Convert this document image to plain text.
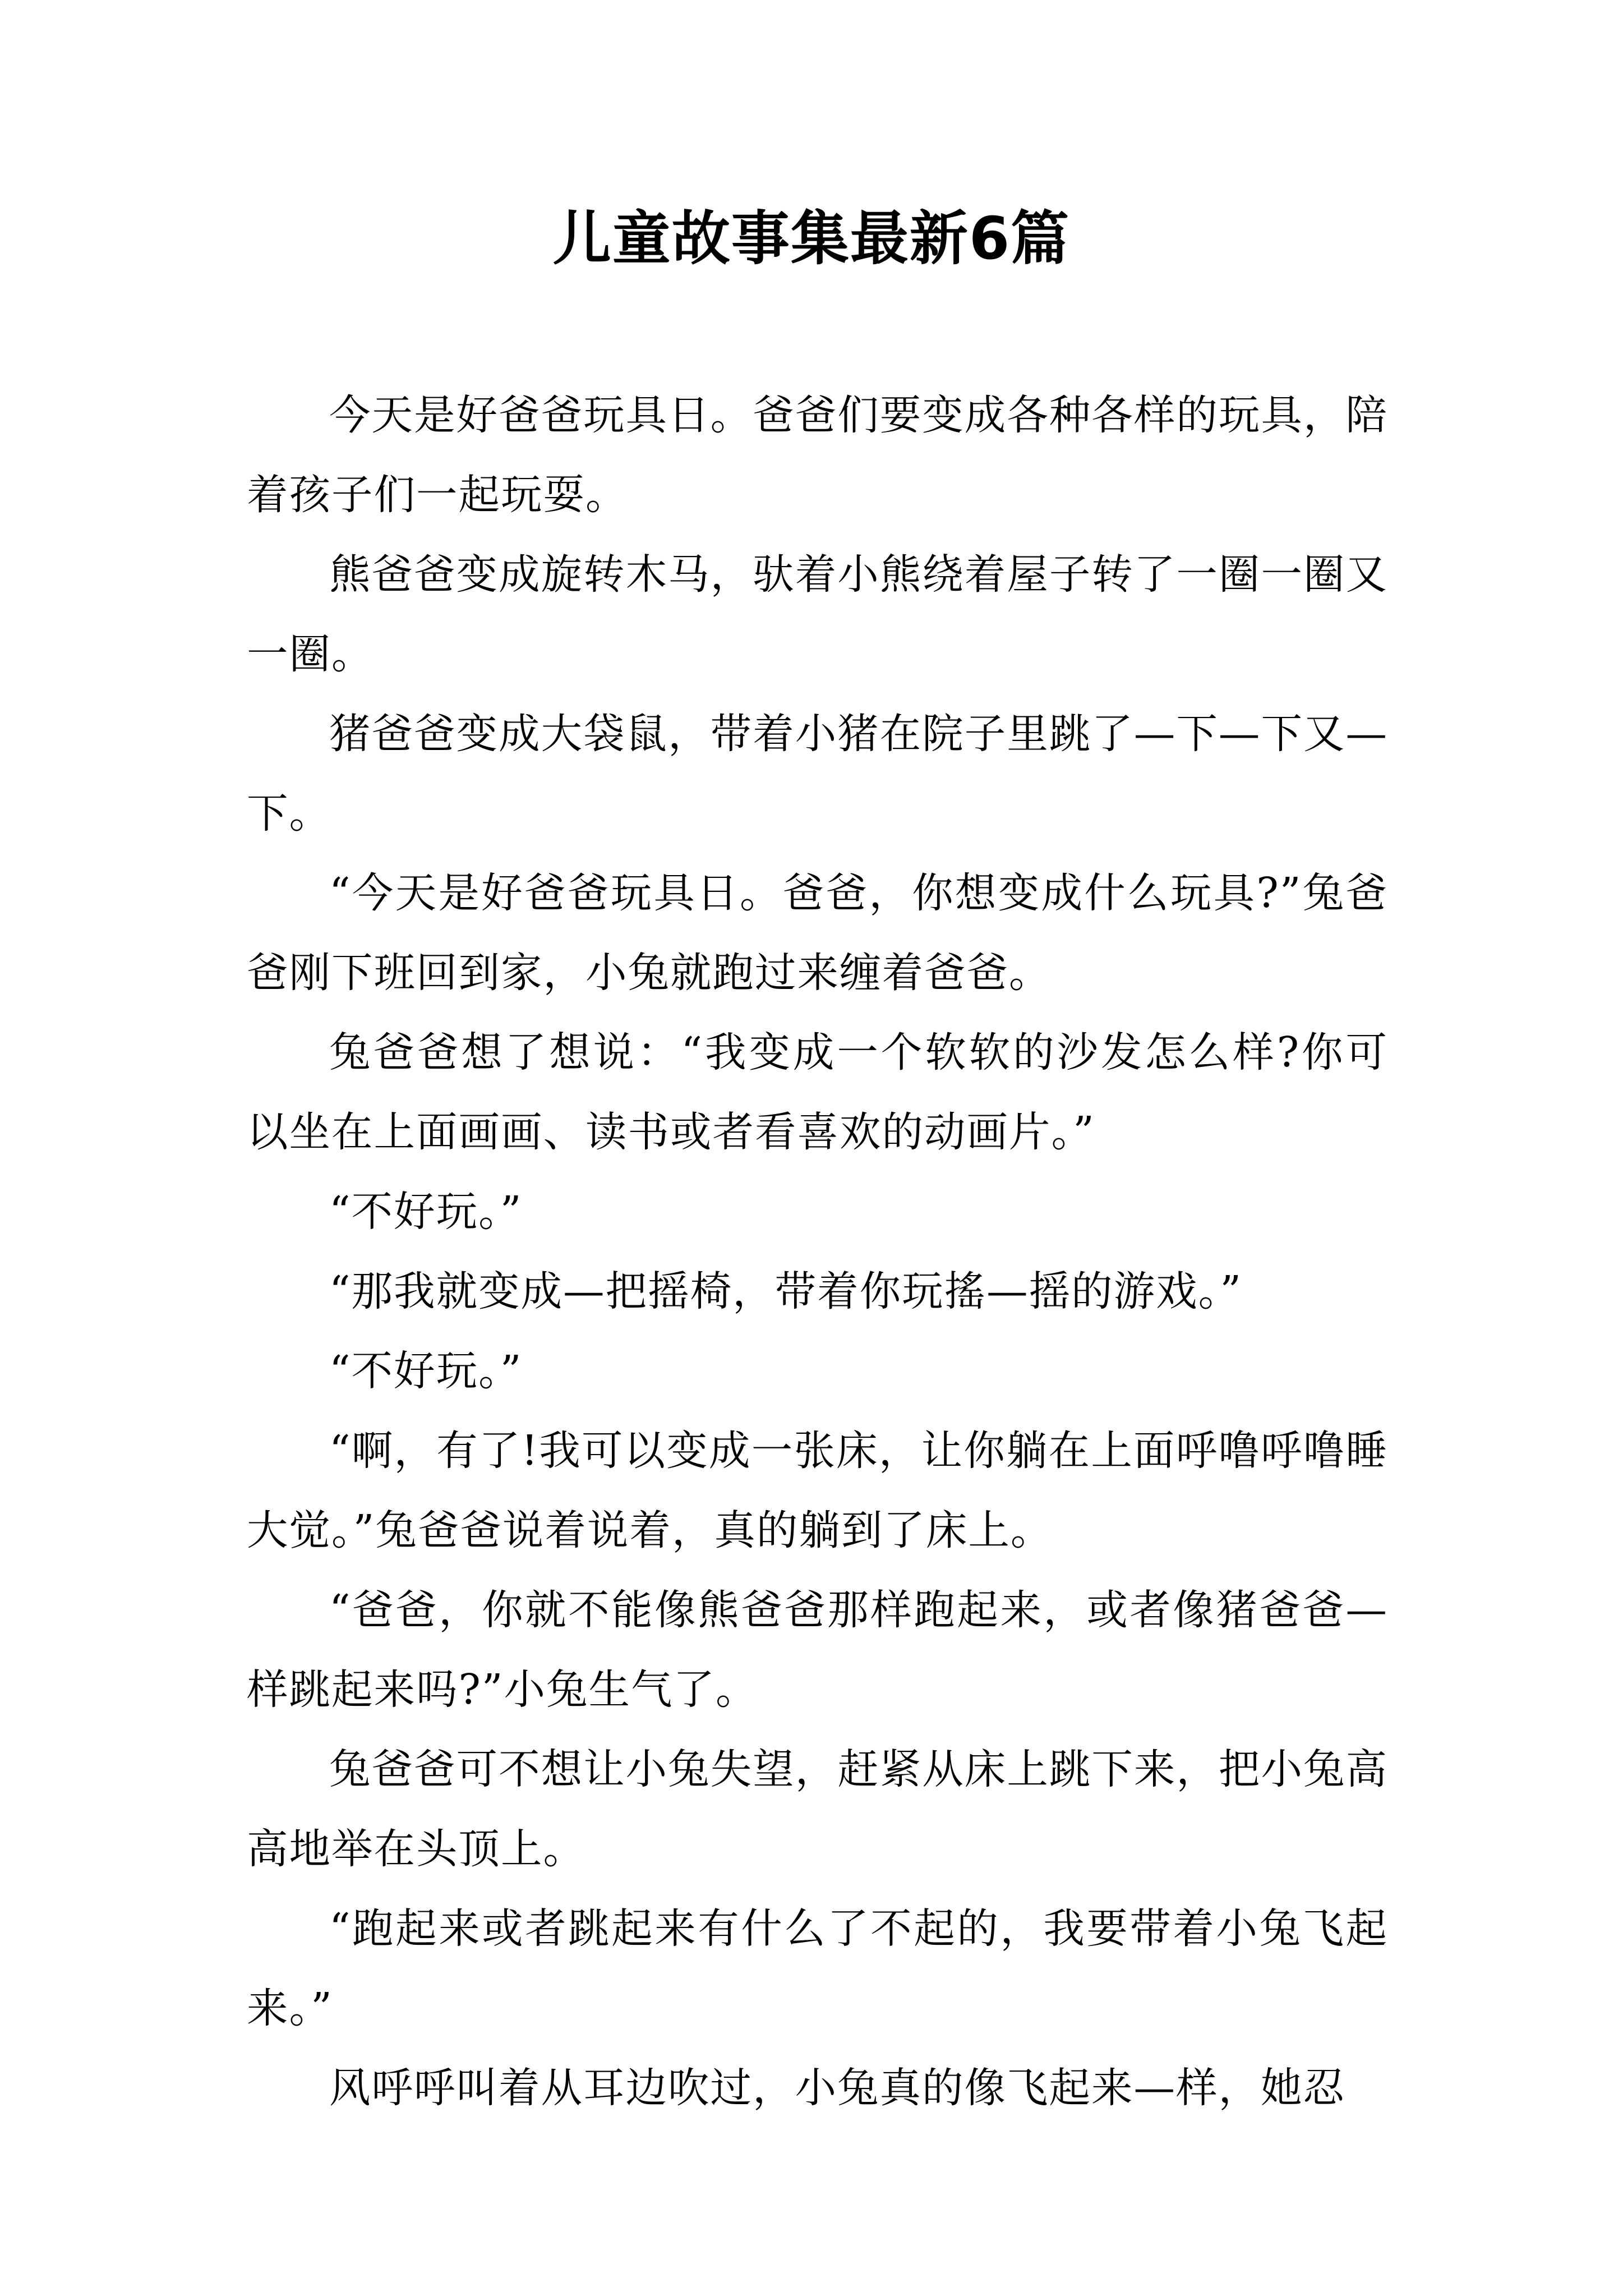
儿童故事集最新6篇

今天是好爸爸玩具日。爸爸们要变成各种各样的玩具，陪着孩子们一起玩耍。

熊爸爸变成旋转木马，驮着小熊绕着屋子转了一圈一圈又一圈。

猪爸爸变成大袋鼠，带着小猪在院子里跳了—下—下又—下。

“今天是好爸爸玩具日。爸爸，你想变成什么玩具?”兔爸爸刚下班回到家，小兔就跑过来缠着爸爸。

兔爸爸想了想说：“我变成一个软软的沙发怎么样?你可以坐在上面画画、读书或者看喜欢的动画片。”

“不好玩。”

“那我就变成—把摇椅，带着你玩搖—摇的游戏。”

“不好玩。”

“啊，有了!我可以变成一张床，让你躺在上面呼噜呼噜睡大觉。”兔爸爸说着说着，真的躺到了床上。

“爸爸，你就不能像熊爸爸那样跑起来，或者像猪爸爸—样跳起来吗?”小兔生气了。

兔爸爸可不想让小兔失望，赶紧从床上跳下来，把小兔高高地举在头顶上。

“跑起来或者跳起来有什么了不起的，我要带着小兔飞起来。”

风呼呼叫着从耳边吹过，小兔真的像飞起来—样，她忍
